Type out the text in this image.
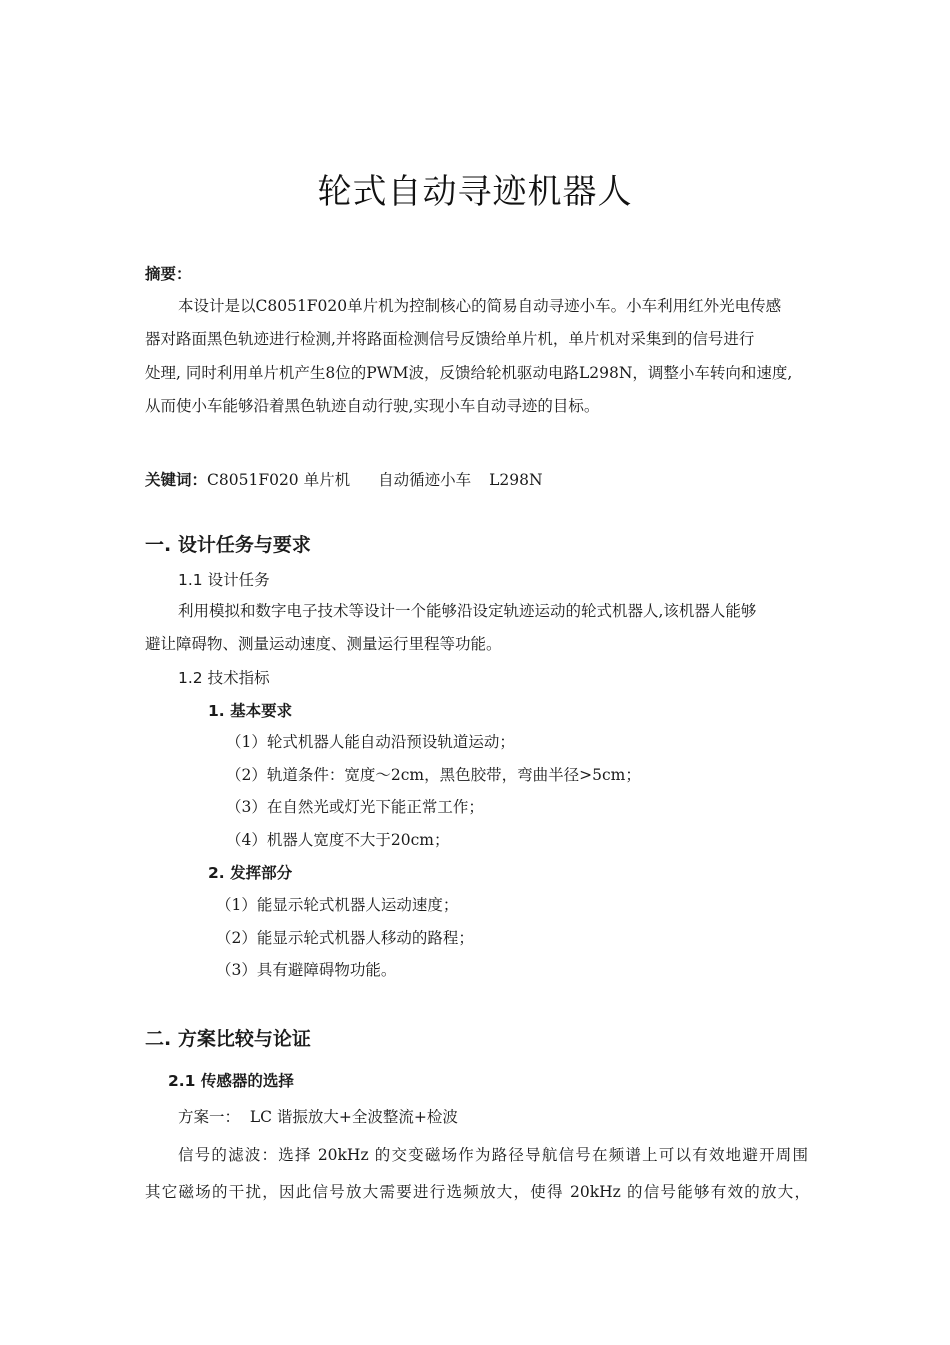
轮式自动寻迹机器人
摘要：
本设计是以C8051F020单片机为控制核心的简易自动寻迹小车。小车利用红外光电传感
器对路面黑色轨迹进行检测,并将路面检测信号反馈给单片机，单片机对采集到的信号进行
处理, 同时利用单片机产生8位的PWM波，反馈给轮机驱动电路L298N，调整小车转向和速度,
从而使小车能够沿着黑色轨迹自动行驶,实现小车自动寻迹的目标。
关键词：C8051F020 单片机 自动循迹小车 L298N
一. 设计任务与要求
1.1 设计任务
利用模拟和数字电子技术等设计一个能够沿设定轨迹运动的轮式机器人,该机器人能够
避让障碍物、测量运动速度、测量运行里程等功能。
1.2 技术指标
1. 基本要求
（1）轮式机器人能自动沿预设轨道运动；
（2）轨道条件：宽度～2cm，黑色胶带，弯曲半径>5cm；
（3）在自然光或灯光下能正常工作；
（4）机器人宽度不大于20cm；
2. 发挥部分
（1）能显示轮式机器人运动速度；
（2）能显示轮式机器人移动的路程；
（3）具有避障碍物功能。
二. 方案比较与论证
2.1 传感器的选择
方案一：  LC 谐振放大+全波整流+检波
信号的滤波：选择 20kHz 的交变磁场作为路径导航信号在频谱上可以有效地避开周围
其它磁场的干扰，因此信号放大需要进行选频放大，使得 20kHz 的信号能够有效的放大，
